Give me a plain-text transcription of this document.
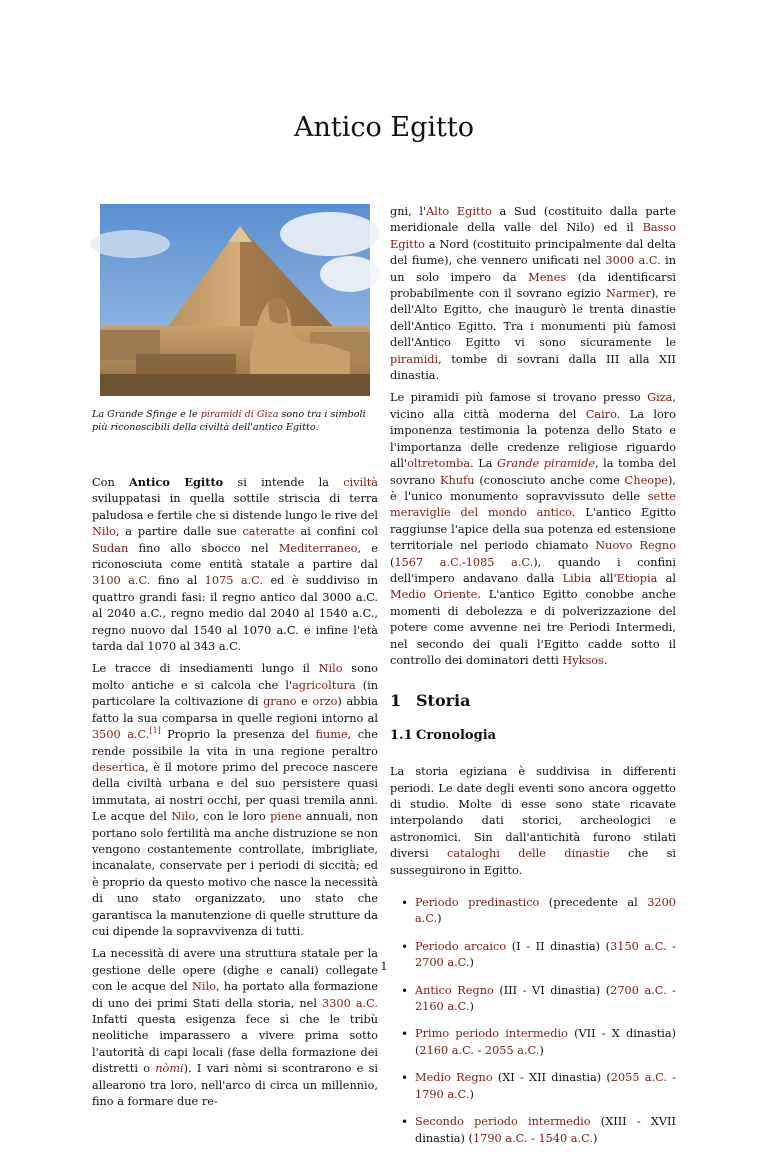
Antico Egitto
La Grande Sfinge e le piramidi di Giza sono tra i simboli più riconoscibili della civiltà dell'antico Egitto.

Con Antico Egitto si intende la civiltà sviluppatasi in quella sottile striscia di terra paludosa e fertile che si distende lungo le rive del Nilo, a partire dalle sue cateratte ai confini col Sudan fino allo sbocco nel Mediterraneo, e riconosciuta come entità statale a partire dal 3100 a.C. fino al 1075 a.C. ed è suddiviso in quattro grandi fasi: il regno antico dal 3000 a.C. al 2040 a.C., regno medio dal 2040 al 1540 a.C., regno nuovo dal 1540 al 1070 a.C. e infine l'età tarda dal 1070 al 343 a.C.

Le tracce di insediamenti lungo il Nilo sono molto antiche e si calcola che l'agricoltura (in particolare la coltivazione di grano e orzo) abbia fatto la sua comparsa in quelle regioni intorno al 3500 a.C.[1] Proprio la presenza del fiume, che rende possibile la vita in una regione peraltro desertica, è il motore primo del precoce nascere della civiltà urbana e del suo persistere quasi immutata, ai nostri occhi, per quasi tremila anni. Le acque del Nilo, con le loro piene annuali, non portano solo fertilità ma anche distruzione se non vengono costantemente controllate, imbrigliate, incanalate, conservate per i periodi di siccità; ed è proprio da questo motivo che nasce la necessità di uno stato organizzato, uno stato che garantisca la manutenzione di quelle strutture da cui dipende la sopravvivenza di tutti.

La necessità di avere una struttura statale per la gestione delle opere (dighe e canali) collegate con le acque del Nilo, ha portato alla formazione di uno dei primi Stati della storia, nel 3300 a.C. Infatti questa esigenza fece sì che le tribù neolitiche imparassero a vivere prima sotto l'autorità di capi locali (fase della formazione dei distretti o nòmi). I vari nòmi si scontrarono e si allearono tra loro, nell'arco di circa un millennio, fino a formare due re-

gni, l'Alto Egitto a Sud (costituito dalla parte meridionale della valle del Nilo) ed il Basso Egitto a Nord (costituito principalmente dal delta del fiume), che vennero unificati nel 3000 a.C. in un solo impero da Menes (da identificarsi probabilmente con il sovrano egizio Narmer), re dell'Alto Egitto, che inaugurò le trenta dinastie dell'Antico Egitto. Tra i monumenti più famosi dell'Antico Egitto vi sono sicuramente le piramidi, tombe di sovrani dalla III alla XII dinastia.

Le piramidi più famose si trovano presso Giza, vicino alla città moderna del Cairo. La loro imponenza testimonia la potenza dello Stato e l'importanza delle credenze religiose riguardo all'oltretomba. La Grande piramide, la tomba del sovrano Khufu (conosciuto anche come Cheope), è l'unico monumento sopravvissuto delle sette meraviglie del mondo antico. L'antico Egitto raggiunse l'apice della sua potenza ed estensione territoriale nel periodo chiamato Nuovo Regno (1567 a.C.-1085 a.C.), quando i confini dell'impero andavano dalla Libia all'Etiopia al Medio Oriente. L'antico Egitto conobbe anche momenti di debolezza e di polverizzazione del potere come avvenne nei tre Periodi Intermedi, nel secondo dei quali l'Egitto cadde sotto il controllo dei dominatori detti Hyksos.

1 Storia
1.1 Cronologia

La storia egiziana è suddivisa in differenti periodi. Le date degli eventi sono ancora oggetto di studio. Molte di esse sono state ricavate interpolando dati storici, archeologici e astronomici. Sin dall'antichità furono stilati diversi cataloghi delle dinastie che si susseguirono in Egitto.

• Periodo predinastico (precedente al 3200 a.C.)
• Periodo arcaico (I - II dinastia) (3150 a.C. - 2700 a.C.)
• Antico Regno (III - VI dinastia) (2700 a.C. - 2160 a.C.)
• Primo periodo intermedio (VII - X dinastia) (2160 a.C. - 2055 a.C.)
• Medio Regno (XI - XII dinastia) (2055 a.C. - 1790 a.C.)
• Secondo periodo intermedio (XIII - XVII dinastia) (1790 a.C. - 1540 a.C.)
1
